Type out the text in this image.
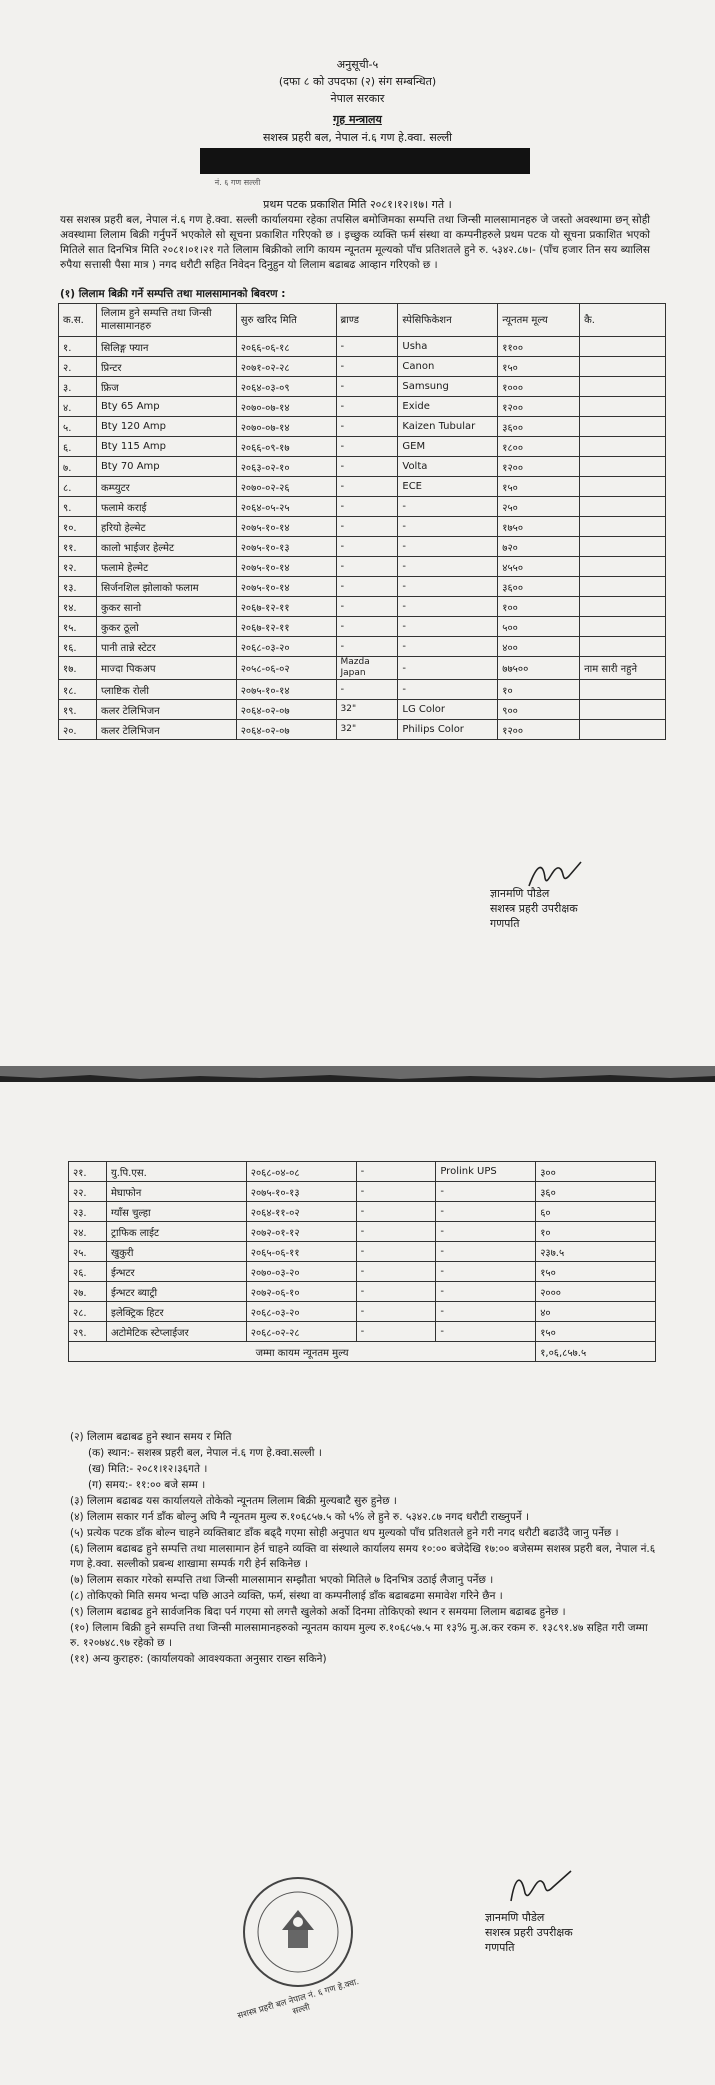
अनुसूची-५
(दफा ८ को उपदफा (२) संग सम्बन्धित)
नेपाल सरकार
गृह मन्त्रालय
सशस्त्र प्रहरी बल, नेपाल नं.६ गण हे.क्वा. सल्ली
नं. ६ गण सल्ली
प्रथम पटक प्रकाशित मिति २०८१।१२।१७। गते ।
यस सशस्त्र प्रहरी बल, नेपाल नं.६ गण हे.क्वा. सल्ली कार्यालयमा रहेका तपसिल बमोजिमका सम्पत्ति तथा जिन्सी मालसामानहरु जे जस्तो अवस्थामा छन् सोही अवस्थामा लिलाम बिक्री गर्नुपर्ने भएकोले सो सूचना प्रकाशित गरिएको छ । इच्छुक व्यक्ति फर्म संस्था वा कम्पनीहरुले प्रथम पटक यो सूचना प्रकाशित भएको मितिले सात दिनभित्र मिति २०८१।०१।२१ गते लिलाम बिक्रीको लागि कायम न्यूनतम मूल्यको पाँच प्रतिशतले हुने रु. ५३४२.८७।- (पाँच हजार तिन सय ब्यालिस रुपैया सत्तासी पैसा मात्र ) नगद धरौटी सहित निवेदन दिनुहुन यो लिलाम बढाबढ आव्हान गरिएको छ ।
(१) लिलाम बिक्री गर्ने सम्पत्ति तथा मालसामानको बिवरण :
क.स.	लिलाम हुने सम्पत्ति तथा जिन्सी मालसामानहरु	सुरु खरिद मिति	ब्राण्ड	स्पेसिफिकेशन	न्यूनतम मूल्य	कै.
१.	सिलिङ्ग फ्यान	२०६६-०६-१८	-	Usha	११००	
२.	प्रिन्टर	२०७१-०२-२८	-	Canon	१५०	
३.	फ्रिज	२०६४-०३-०९	-	Samsung	१०००	
४.	Bty 65 Amp	२०७०-०७-१४	-	Exide	१२००	
५.	Bty 120 Amp	२०७०-०७-१४	-	Kaizen Tubular	३६००	
६.	Bty 115 Amp	२०६६-०९-१७	-	GEM	१८००	
७.	Bty 70 Amp	२०६३-०२-१०	-	Volta	१२००	
८.	कम्प्युटर	२०७०-०२-२६	-	ECE	१५०	
९.	फलामे कराई	२०६४-०५-२५	-	-	२५०	
१०.	हरियो हेल्मेट	२०७५-१०-१४	-	-	१७५०	
११.	कालो भाईजर हेल्मेट	२०७५-१०-१३	-	-	७२०	
१२.	फलामे हेल्मेट	२०७५-१०-१४	-	-	४५५०	
१३.	सिर्जनशिल झोलाको फलाम	२०७५-१०-१४	-	-	३६००	
१४.	कुकर सानो	२०६७-१२-११	-	-	१००	
१५.	कुकर ठूलो	२०६७-१२-११	-	-	५००	
१६.	पानी तान्ने स्टेटर	२०६८-०३-२०	-	-	४००	
१७.	माज्दा पिकअप	२०५८-०६-०२	Mazda Japan	-	७७५००	नाम सारी नहुने
१८.	प्लाष्टिक रोली	२०७५-१०-१४	-	-	१०	
१९.	कलर टेलिभिजन	२०६४-०२-०७	32"	LG Color	९००	
२०.	कलर टेलिभिजन	२०६४-०२-०७	32"	Philips Color	१२००	
ज्ञानमणि पौडेल
सशस्त्र प्रहरी उपरीक्षक
गणपति
२१.	यु.पि.एस.	२०६८-०४-०८	-	Prolink UPS	३००
२२.	मेघाफोन	२०७५-१०-१३	-	-	३६०
२३.	ग्याँस चुल्हा	२०६४-११-०२	-	-	६०
२४.	ट्राफिक लाईट	२०७२-०१-१२	-	-	१०
२५.	खुकुरी	२०६५-०६-११	-	-	२३७.५
२६.	ईन्भटर	२०७०-०३-२०	-	-	१५०
२७.	ईन्भटर ब्याट्री	२०७२-०६-१०	-	-	२०००
२८.	इलेक्ट्रिक हिटर	२०६८-०३-२०	-	-	४०
२९.	अटोमेटिक स्टेप्लाईजर	२०६८-०२-२८	-	-	१५०
जम्मा कायम न्यूनतम मुल्य					१,०६,८५७.५
(२) लिलाम बढाबढ हुने स्थान समय र मिति
(क) स्थान:- सशस्त्र प्रहरी बल, नेपाल नं.६ गण हे.क्वा.सल्ली ।
(ख) मिति:- २०८१।१२।३६गते ।
(ग) समय:- ११:०० बजे सम्म ।
(३) लिलाम बढाबढ यस कार्यालयले तोकेको न्यूनतम लिलाम बिक्री मुल्यबाटै सुरु हुनेछ ।
(४) लिलाम सकार गर्न डाँक बोल्नु अघि नै न्यूनतम मुल्य रु.१०६८५७.५ को ५% ले हुने रु. ५३४२.८७ नगद धरौटी राख्नुपर्ने ।
(५) प्रत्येक पटक डाँक बोल्न चाहने व्यक्तिबाट डाँक बढ्दै गएमा सोही अनुपात थप मुल्यको पाँच प्रतिशतले हुने गरी नगद धरौटी बढाउँदै जानु पर्नेछ ।
(६) लिलाम बढाबढ हुने सम्पत्ति तथा मालसामान हेर्न चाहने व्यक्ति वा संस्थाले कार्यालय समय १०:०० बजेदेखि १७:०० बजेसम्म सशस्त्र प्रहरी बल, नेपाल नं.६ गण हे.क्वा. सल्लीको प्रबन्ध शाखामा सम्पर्क गरी हेर्न सकिनेछ ।
(७) लिलाम सकार गरेको सम्पत्ति तथा जिन्सी मालसामान सम्झौता भएको मितिले ७ दिनभित्र उठाई लैजानु पर्नेछ ।
(८) तोकिएको मिति समय भन्दा पछि आउने व्यक्ति, फर्म, संस्था वा कम्पनीलाई डाँक बढाबढमा समावेश गरिने छैन ।
(९) लिलाम बढाबढ हुने सार्वजनिक बिदा पर्न गएमा सो लगत्तै खुलेको अर्को दिनमा तोकिएको स्थान र समयमा लिलाम बढाबढ हुनेछ ।
(१०) लिलाम बिक्री हुने सम्पत्ति तथा जिन्सी मालसामानहरुको न्यूनतम कायम मुल्य रु.१०६८५७.५ मा १३% मु.अ.कर रकम रु. १३८९१.४७ सहित गरी जम्मा रु. १२०७४८.९७ रहेको छ ।
(११) अन्य कुराहरु: (कार्यालयको आवश्यकता अनुसार राख्न सकिने)
सशस्त्र प्रहरी बल नेपाल नं. ६ गण हे.क्वा. सल्ली
ज्ञानमणि पौडेल
सशस्त्र प्रहरी उपरीक्षक
गणपति
